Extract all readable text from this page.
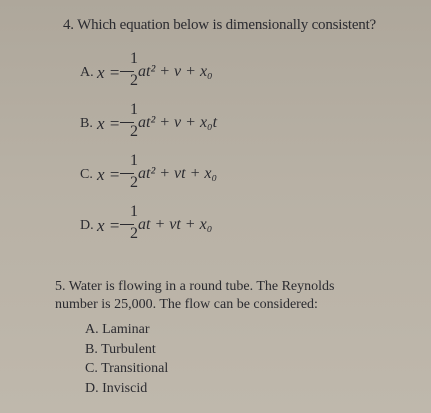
4. Which equation below is dimensionally consistent?
A. x =
1
2
at² + v + x₀
B. x =
1
2
at² + v + x₀t
C. x =
1
2
at² + vt + x₀
D. x =
1
2
at + vt + x₀
5. Water is flowing in a round tube. The Reynolds
number is 25,000. The flow can be considered:
A. Laminar
B. Turbulent
C. Transitional
D. Inviscid
